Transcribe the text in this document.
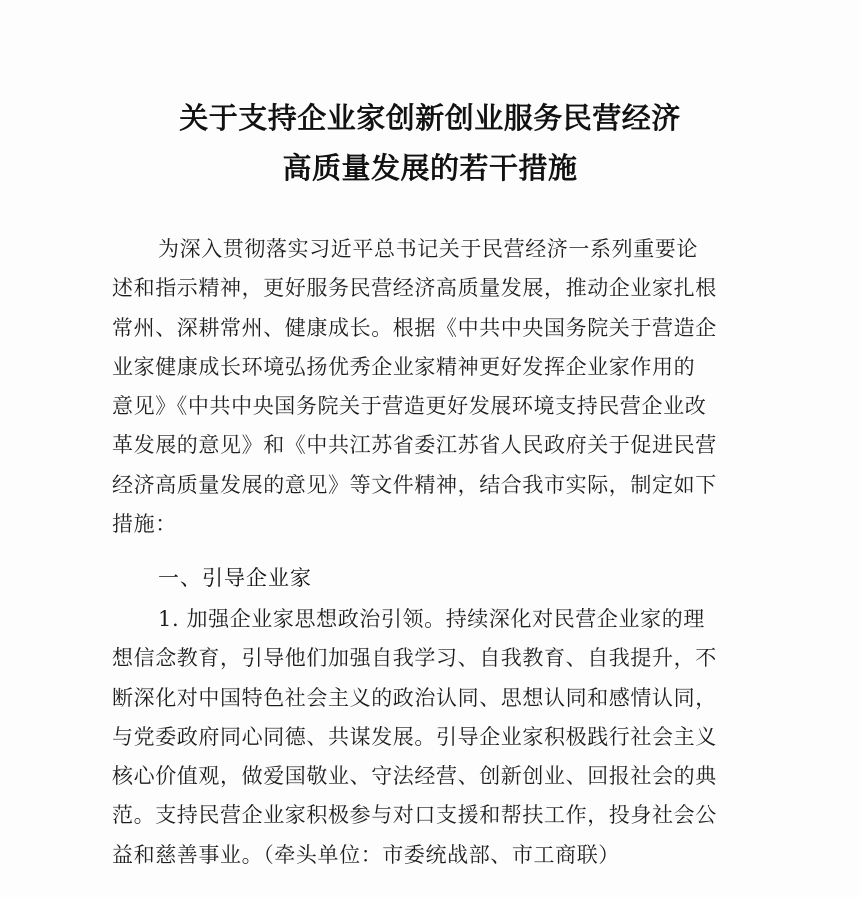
关于支持企业家创新创业服务民营经济
高质量发展的若干措施
为深入贯彻落实习近平总书记关于民营经济一系列重要论
述和指示精神，更好服务民营经济高质量发展，推动企业家扎根
常州、深耕常州、健康成长。根据《中共中央国务院关于营造企
业家健康成长环境弘扬优秀企业家精神更好发挥企业家作用的
意见》《中共中央国务院关于营造更好发展环境支持民营企业改
革发展的意见》和《中共江苏省委江苏省人民政府关于促进民营
经济高质量发展的意见》等文件精神，结合我市实际，制定如下
措施：
一、引导企业家
1. 加强企业家思想政治引领。持续深化对民营企业家的理
想信念教育，引导他们加强自我学习、自我教育、自我提升，不
断深化对中国特色社会主义的政治认同、思想认同和感情认同，
与党委政府同心同德、共谋发展。引导企业家积极践行社会主义
核心价值观，做爱国敬业、守法经营、创新创业、回报社会的典
范。支持民营企业家积极参与对口支援和帮扶工作，投身社会公
益和慈善事业。（牵头单位：市委统战部、市工商联）
